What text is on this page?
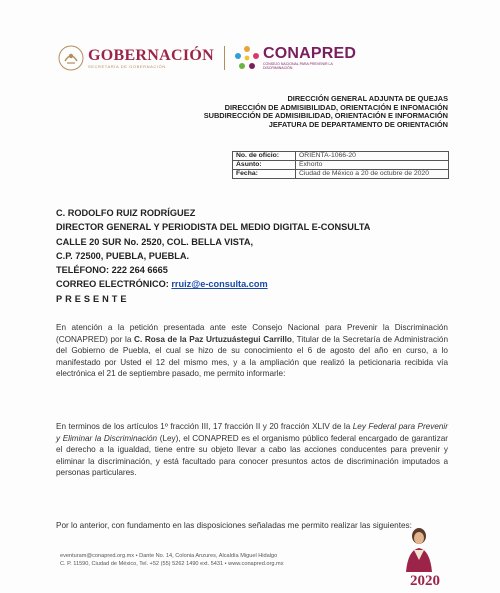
GOBERNACIÓN
SECRETARÍA DE GOBERNACIÓN
CONAPRED
CONSEJO NACIONAL PARA PREVENIR LA DISCRIMINACIÓN
DIRECCIÓN GENERAL ADJUNTA DE QUEJAS
DIRECCIÓN DE ADMISIBILIDAD, ORIENTACIÓN E INFOMACIÓN
SUBDIRECCIÓN DE ADMISIBILIDAD, ORIENTACIÓN E INFORMACIÓN
JEFATURA DE DEPARTAMENTO DE ORIENTACIÓN
No. de oficio:	ORIENTA-1066-20
Asunto:	Exhorto
Fecha:	Ciudad de México a 20 de octubre de 2020
C. RODOLFO RUIZ RODRÍGUEZ
DIRECTOR GENERAL Y PERIODISTA DEL MEDIO DIGITAL E-CONSULTA
CALLE 20 SUR No. 2520, COL. BELLA VISTA,
C.P. 72500, PUEBLA, PUEBLA.
TELÉFONO: 222 264 6665
CORREO ELECTRÓNICO: rruiz@e-consulta.com
PRESENTE
En atención a la petición presentada ante este Consejo Nacional para Prevenir la Discriminación (CONAPRED) por la C. Rosa de la Paz Urtuzuástegui Carrillo, Titular de la Secretaría de Administración del Gobierno de Puebla, el cual se hizo de su conocimiento el 6 de agosto del año en curso, a lo manifestado por Usted el 12 del mismo mes, y a la ampliación que realizó la peticionaria recibida vía electrónica el 21 de septiembre pasado, me permito informarle:
En terminos de los artículos 1º fracción III, 17 fracción II y 20 fracción XLIV de la Ley Federal para Prevenir y Eliminar la Discriminación (Ley), el CONAPRED es el organismo público federal encargado de garantizar el derecho a la igualdad, tiene entre su objeto llevar a cabo las acciones conducentes para prevenir y eliminar la discriminación, y está facultado para conocer presuntos actos de discriminación imputados a personas particulares.
Por lo anterior, con fundamento en las disposiciones señaladas me permito realizar las siguientes:
eventuram@conapred.org.mx • Dante No. 14, Colonia Anzures, Alcaldía Miguel Hidalgo
C. P. 11590, Ciudad de México, Tel. +52 (55) 5262 1490 ext. 5431 • www.conapred.org.mx
2020
